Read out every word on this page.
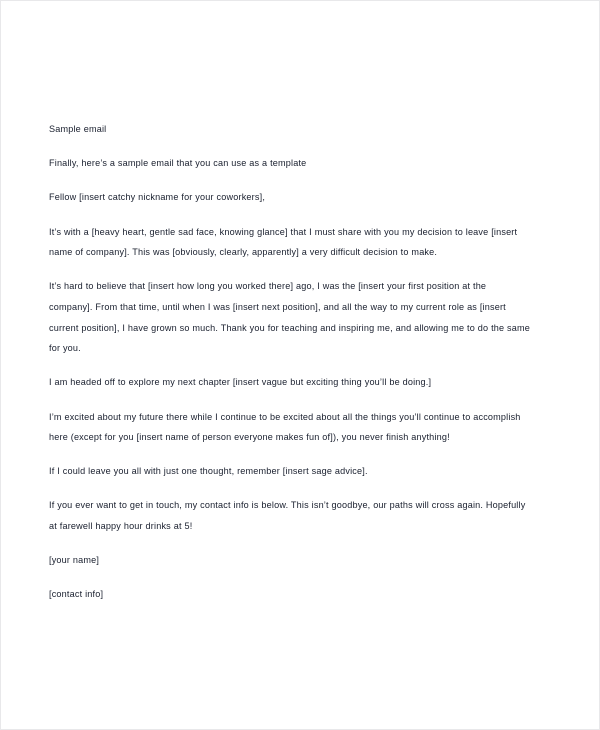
Sample email

Finally, here’s a sample email that you can use as a template

Fellow [insert catchy nickname for your coworkers],

It’s with a [heavy heart, gentle sad face, knowing glance] that I must share with you my decision to leave [insert name of company]. This was [obviously, clearly, apparently] a very difficult decision to make.

It’s hard to believe that [insert how long you worked there] ago, I was the [insert your first position at the company]. From that time, until when I was [insert next position], and all the way to my current role as [insert current position], I have grown so much. Thank you for teaching and inspiring me, and allowing me to do the same for you.

I am headed off to explore my next chapter [insert vague but exciting thing you’ll be doing.]

I’m excited about my future there while I continue to be excited about all the things you’ll continue to accomplish here (except for you [insert name of person everyone makes fun of]), you never finish anything!

If I could leave you all with just one thought, remember [insert sage advice].

If you ever want to get in touch, my contact info is below. This isn’t goodbye, our paths will cross again. Hopefully at farewell happy hour drinks at 5!

[your name]

[contact info]
